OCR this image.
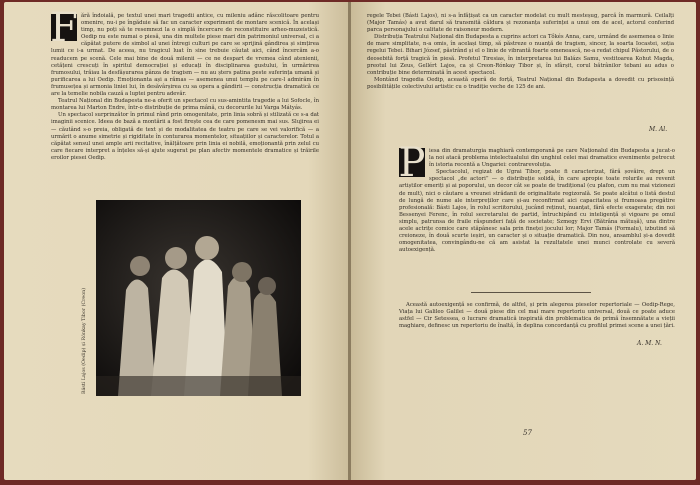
F ără îndoială, pe textul unei mari tragedii antice, cu mileniu adânc răscolitoare pentru omenire, nu-i pe îngăduie să fac un caracter experiment de montare scenică. În același timp, nu poți să te resemnezi la o simplă încercare de reconstituire arheo-muzeistică. Oedip nu este numai o piesă, una din multele piese mari din patrimoniul universal, ci a căpătat putere de simbol al unei întregi culturi pe care se sprijină gândirea și simțirea lumii ce i-a urmat. De aceea, nu tragicul luat în sine trebuie căutat aici, când încercăm a-o readucem pe scenă. Cele mai bine de două milenii — ce ne despart de vremea când atenienii, cetățeni crescuți în spiritul democrației și educați în disciplinarea gustului, în urmărirea frumosului, trăiau la desfășurarea pânza de tragism — nu au șters patina peste suferința umană și purificarea a lui Oedip. Emoționanta ași a rămas — asemenea unui templu pe care-l admirăm în frumusețea și armonia liniei lui, în desăvârșirea cu sa opera a gândirii — construcția dramatică ce are la temelie nobila cauză a luptei pentru adevăr.

Teatrul Național din Budapesta ne-a oferit un spectacol cu sus-amintita tragedie a lui Sofocle, în montarea lui Marton Endre, într-o distribuție de prima mână, cu decorurile lui Varga Mátyás.

Un spectacol surprinzător în primul rând prin omogenitate, prin linia sobră și stilizată ce s-a dat imaginii scenice. Ideea de bază a montării a fost firește cea de care pomenesm mai sus. Slujirea ei — căutând s-o preia, obligată de text și de modalitatea de teatru pe care se vei valorifică — a urmărit o anume simetrie și rigiditate în conturarea momentelor, situațiilor și caracterelor. Totul a căpătat sensul unei ample arii recitative, înălțătoare prin linia ei nobilă, emoționantă prin zelul cu care fiecare interpret a înțeles să-și ajute sugerat pe plan afectiv momentele dramatice și trăirile eroilor piesei Oedip.

Bástí Lajos (Oedip) și Rónkay Tibor (Creon)

regele Tebei (Básti Lajos), ni s-a înfățișat ca un caracter modelat cu mult mesteșug, parcă în marmură. Ceilalți (Major Tamás) a avut darul să transmită căldura și rezonanța suferinței a unui om de acel, actorul conferind parca personajului o calitate de raisoneur modern.

Distribuția Teatrului Național din Budapesta a cuprins actori ca Tőkés Anna, care, urmând de asemenea o linie de mare simplitate, n-a omis, în același timp, să păstreze o nuanță de tragism, sincer, la soarta Iocastei, soția regelui Tebei. Bihari József, păstrând și el o linie de vibrantă foarte omenească, ne-a redat chipul Păstorului, de o deosebită forță tragică în piesă. Profetul Tiresias, în interpretarea lui Balázs Samu, vestitoarea Kohut Magda, preotul lui Zeus, Gellért Lajos, ca și Creon-Rónkay Tibor și, în sfârșit, corul bătrânilor tebani au adus o contribuție bine determinată în acest spectacol.

Montând tragedia Oedip, această operă de forță, Teatrul Național din Budapesta a dovedit cu prisosință posibilitățile colectivului artistic cu o tradiție veche de 125 de ani.

M. Al.
P iesa din dramaturgia maghiară contemporană pe care Naționalul din Budapesta a jucat-o la noi atacă problema intelectualului din unghiul celei mai dramatice evenimente petrecut în istoria recentă a Ungariei: contrarevoluția.

Spectacolul, regizat de Ugrai Tibor, poate fi caracterizat, fără șovăire, drept un spectacol „de actori” — o distribuție solidă, în care apropie toate rolurile au revenit artiștilor emeriți și ai poporului, un decor cât se poate de tradițional (cu plafon, cum nu mai vizionezi de mult), nici o căutare a vreunei strădanii de originalitate regizorală. Se poate alcătui o listă destul de lungă de nume ale interpreților care și-au reconfirmat aici capacitatea și frumoasa pregătire profesională: Básti Lajos, în rolul scriitorului, jucând reținut, nuanțat, fără efecte exagerate; din noi Bessenyei Ferenc, în rolul secretarului de partid, întruchipând cu inteligență și vigoare pe omul simplu, patrunsa de fraile răspunderi față de societate; Szmegy Ervi (Bătrâna mătușă), una dintre acele actrițe comice care stăpânesc sala prin fineței jocului lor; Major Tamás (Formalu), izbutind să creioneze, în două scurte ieșiri, un caracter și o situație dramatică. Din nou, ansamblul și-a dovedit omogenitatea, convingându-ne că am asistat la rezultatele unei munci controlate cu severă autoexigență.

Această autoexigență se confirmă, de altfel, și prin alegerea pieselor repertoriale — Oedip-Rege, Viața lui Galileo Galilei — două piese din cel mai mare repertoriu universal, două ce poate aduce astfel — Cir Setessea, o lucrare dramatică inspirată din problematica de primă însemnătate a vieții maghiare, definesc un repertoriu de înaltă, în deplina concordanță cu profilul primei scene a unei țări.

A. M. N.
57
